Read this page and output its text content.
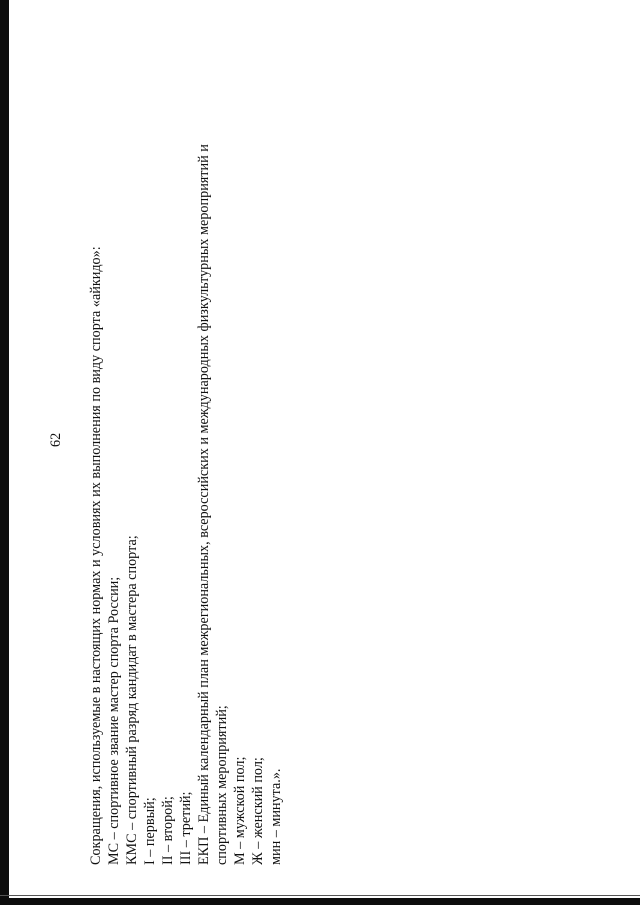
62 Сокращения, используемые в настоящих нормах и условиях их выполнения по виду спорта «айкидо»: МС – спортивное звание мастер спорта России; КМС – спортивный разряд кандидат в мастера спорта; I – первый; II – второй; III – третий; ЕКП – Единый календарный план межрегиональных, всероссийских и международных физкультурных мероприятий и спортивных мероприятий; М – мужской пол; Ж – женский пол; мин – минута.».
